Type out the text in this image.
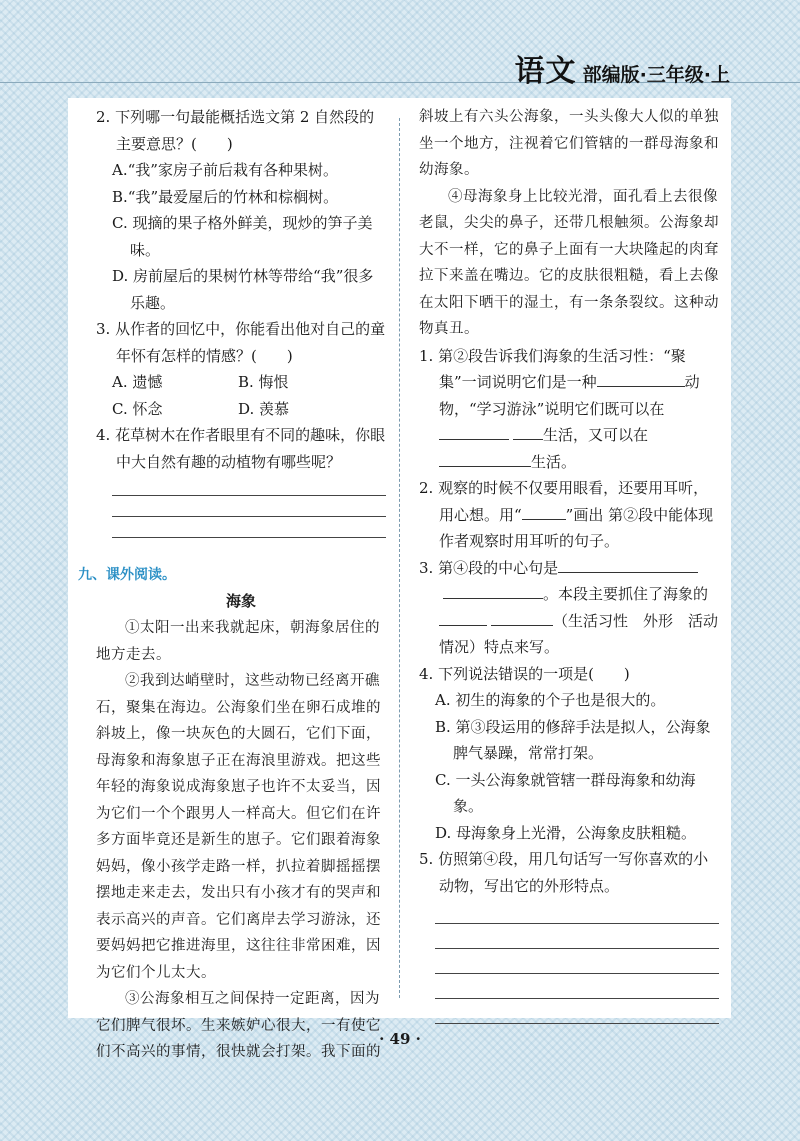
语文 部编版·三年级·上

2. 下列哪一句最能概括选文第 2 自然段的主要意思？(　　)

A.“我”家房子前后栽有各种果树。

B.“我”最爱屋后的竹林和棕榈树。

C. 现摘的果子格外鲜美，现炒的笋子美味。

D. 房前屋后的果树竹林等带给“我”很多乐趣。

3. 从作者的回忆中，你能看出他对自己的童年怀有怎样的情感？(　　)

A. 遗憾	B. 悔恨
C. 怀念	D. 羡慕

4. 花草树木在作者眼里有不同的趣味，你眼中大自然有趣的动植物有哪些呢？

九、课外阅读。
海象

①太阳一出来我就起床，朝海象居住的地方走去。

②我到达峭壁时，这些动物已经离开礁石，聚集在海边。公海象们坐在卵石成堆的斜坡上，像一块灰色的大圆石，它们下面，母海象和海象崽子正在海浪里游戏。把这些年轻的海象说成海象崽子也许不太妥当，因为它们一个个跟男人一样高大。但它们在许多方面毕竟还是新生的崽子。它们跟着海象妈妈，像小孩学走路一样，扒拉着脚摇摇摆摆地走来走去，发出只有小孩才有的哭声和表示高兴的声音。它们离岸去学习游泳，还要妈妈把它推进海里，这往往非常困难，因为它们个儿太大。

③公海象相互之间保持一定距离，因为它们脾气很坏。生来嫉妒心很大，一有使它们不高兴的事情，很快就会打架。我下面的

斜坡上有六头公海象，一头头像大人似的单独坐一个地方，注视着它们管辖的一群母海象和幼海象。

④母海象身上比较光滑，面孔看上去很像老鼠，尖尖的鼻子，还带几根触须。公海象却大不一样，它的鼻子上面有一大块隆起的肉耷拉下来盖在嘴边。它的皮肤很粗糙，看上去像在太阳下晒干的湿土，有一条条裂纹。这种动物真丑。

1. 第②段告诉我们海象的生活习性：“聚集”一词说明它们是一种	动物，“学习游泳”说明它们既可以在生活，又可以在生活。

2. 观察的时候不仅要用眼看，还要用耳听，用心想。用“	”画出 第②段中能体现作者观察时用耳听的句子。

3. 第④段的中心句是。本段主要抓住了海象的（生活习性　外形　活动情况）特点来写。

4. 下列说法错误的一项是(　　)

A. 初生的海象的个子也是很大的。

B. 第③段运用的修辞手法是拟人，公海象脾气暴躁，常常打架。

C. 一头公海象就管辖一群母海象和幼海象。

D. 母海象身上光滑，公海象皮肤粗糙。

5. 仿照第④段，用几句话写一写你喜欢的小动物，写出它的外形特点。

· 49 ·
